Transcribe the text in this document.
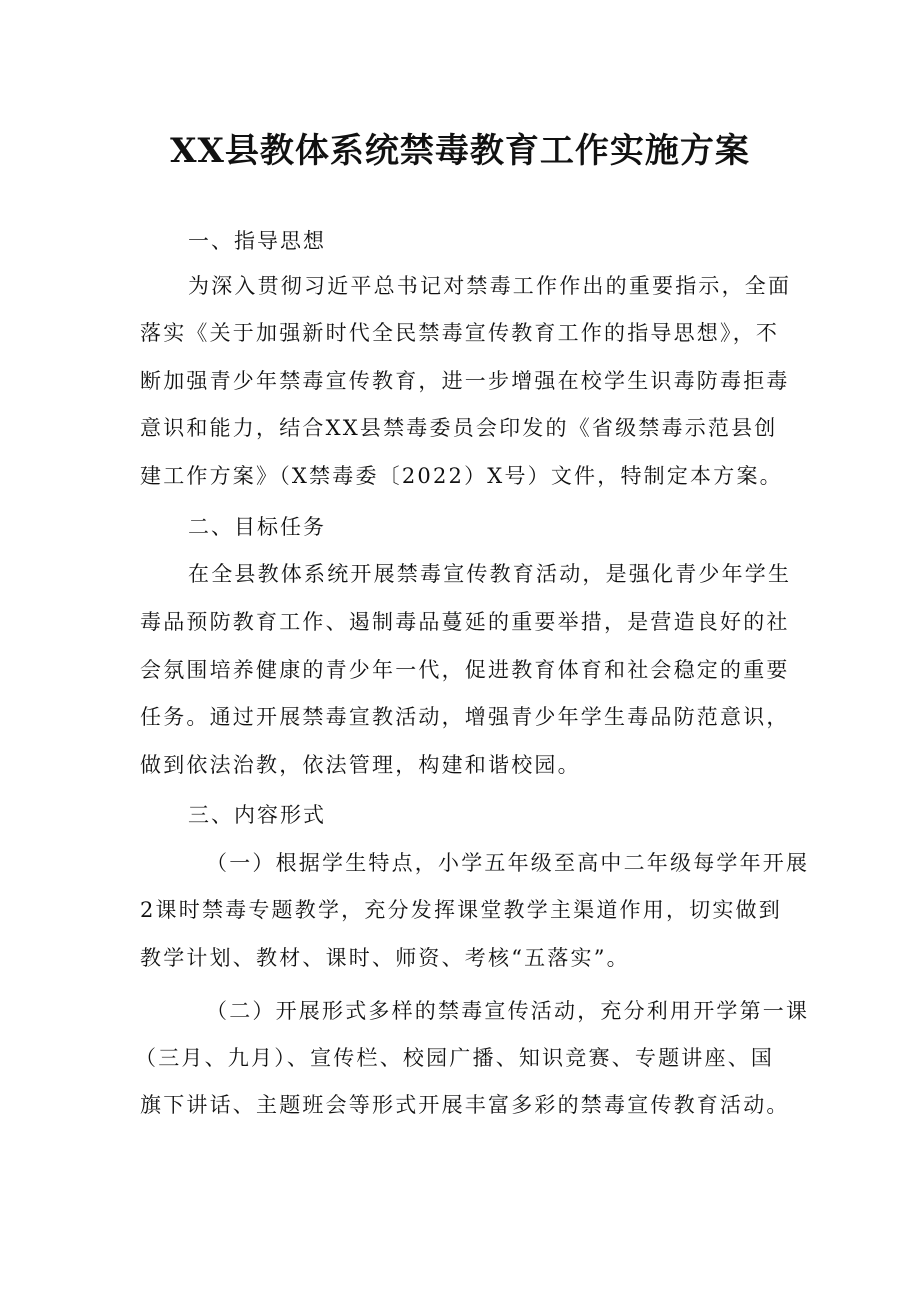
XX县教体系统禁毒教育工作实施方案
一、指导思想
为深入贯彻习近平总书记对禁毒工作作出的重要指示，全面
落实《关于加强新时代全民禁毒宣传教育工作的指导思想》，不
断加强青少年禁毒宣传教育，进一步增强在校学生识毒防毒拒毒
意识和能力，结合XX县禁毒委员会印发的《省级禁毒示范县创
建工作方案》（X禁毒委〔2022）X号）文件，特制定本方案。
二、目标任务
在全县教体系统开展禁毒宣传教育活动，是强化青少年学生
毒品预防教育工作、遏制毒品蔓延的重要举措，是营造良好的社
会氛围培养健康的青少年一代，促进教育体育和社会稳定的重要
任务。通过开展禁毒宣教活动，增强青少年学生毒品防范意识，
做到依法治教，依法管理，构建和谐校园。
三、内容形式
（一）根据学生特点，小学五年级至高中二年级每学年开展
2课时禁毒专题教学，充分发挥课堂教学主渠道作用，切实做到
教学计划、教材、课时、师资、考核“五落实”。
（二）开展形式多样的禁毒宣传活动，充分利用开学第一课
（三月、九月）、宣传栏、校园广播、知识竞赛、专题讲座、国
旗下讲话、主题班会等形式开展丰富多彩的禁毒宣传教育活动。
